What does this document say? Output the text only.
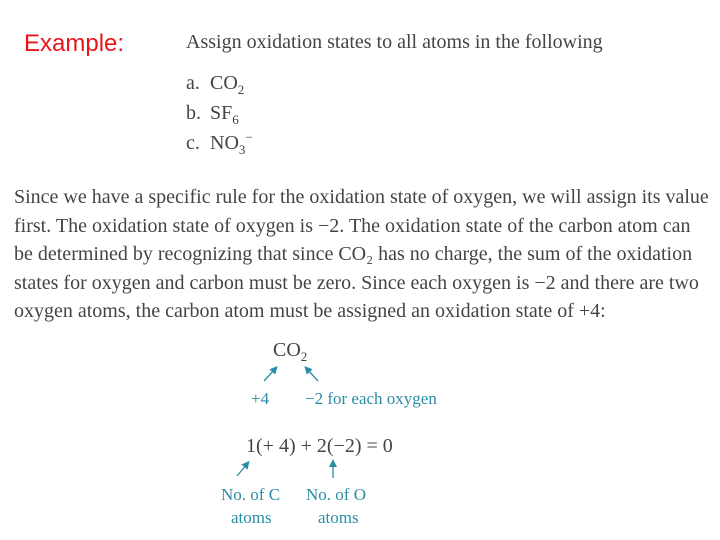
Example:	Assign oxidation states to all atoms in the following
a. $CO_2$
b. $SF_6$
c. $NO_3^-$
Since we have a specific rule for the oxidation state of oxygen, we will assign its value
first. The oxidation state of oxygen is −2. The oxidation state of the carbon atom can
be determined by recognizing that since CO₂ has no charge, the sum of the oxidation
states for oxygen and carbon must be zero. Since each oxygen is −2 and there are two
oxygen atoms, the carbon atom must be assigned an oxidation state of +4:
$CO_2$
+4 −2 for each oxygen
1(+ 4) + 2(−2) = 0
No. of C
atoms
No. of O
atoms
